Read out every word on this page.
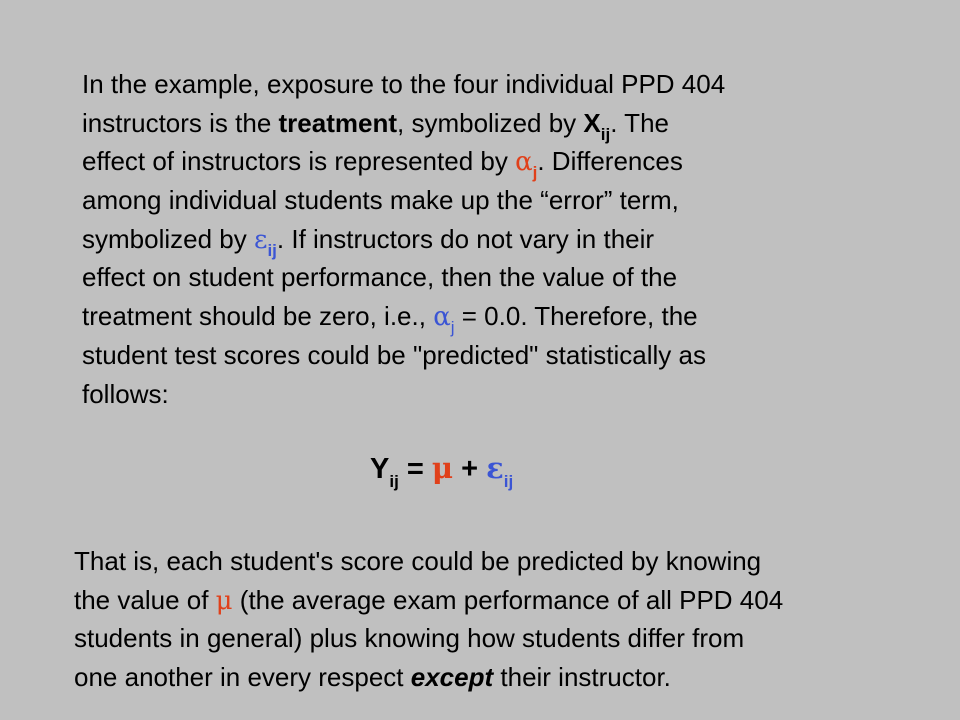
In the example, exposure to the four individual PPD 404
instructors is the treatment, symbolized by $X_{ij}$. The
effect of instructors is represented by $\alpha_j$. Differences
among individual students make up the “error” term,
symbolized by $\varepsilon_{ij}$. If instructors do not vary in their
effect on student performance, then the value of the
treatment should be zero, i.e., $\alpha_j = 0.0$. Therefore, the
student test scores could be "predicted" statistically as
follows:
$Y_{ij} = \mu + \varepsilon_{ij}$
That is, each student's score could be predicted by knowing
the value of μ (the average exam performance of all PPD 404
students in general) plus knowing how students differ from
one another in every respect except their instructor.
